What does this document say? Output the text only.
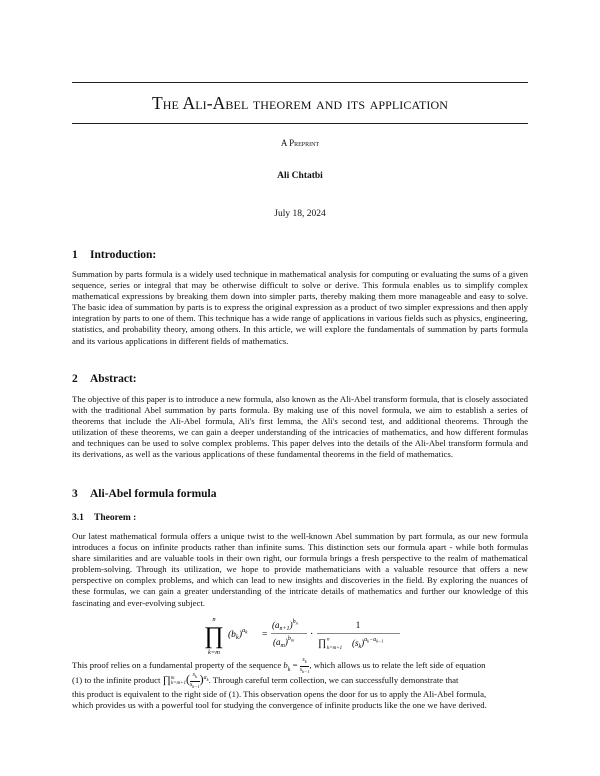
The Ali-Abel theorem and its application
A Preprint
Ali Chtatbi
July 18, 2024
1 Introduction:

Summation by parts formula is a widely used technique in mathematical analysis for computing or evaluating the sums of a given sequence, series or integral that may be otherwise difficult to solve or derive. This formula enables us to simplify complex mathematical expressions by breaking them down into simpler parts, thereby making them more manageable and easy to solve. The basic idea of summation by parts is to express the original expression as a product of two simpler expressions and then apply integration by parts to one of them. This technique has a wide range of applications in various fields such as physics, engineering, statistics, and probability theory, among others. In this article, we will explore the fundamentals of summation by parts formula and its various applications in different fields of mathematics.

2 Abstract:

The objective of this paper is to introduce a new formula, also known as the Ali-Abel transform formula, that is closely associated with the traditional Abel summation by parts formula. By making use of this novel formula, we aim to establish a series of theorems that include the Ali-Abel formula, Ali's first lemma, the Ali's second test, and additional theorems. Through the utilization of these theorems, we can gain a deeper understanding of the intricacies of mathematics, and how different formulas and techniques can be used to solve complex problems. This paper delves into the details of the Ali-Abel transform formula and its derivations, as well as the various applications of these fundamental theorems in the field of mathematics.

3 Ali-Abel formula formula
3.1 Theorem :

Our latest mathematical formula offers a unique twist to the well-known Abel summation by part formula, as our new formula introduces a focus on infinite products rather than infinite sums. This distinction sets our formula apart - while both formulas share similarities and are valuable tools in their own right, our formula brings a fresh perspective to the realm of mathematical problem-solving. Through its utilization, we hope to provide mathematicians with a valuable resource that offers a new perspective on complex problems, and which can lead to new insights and discoveries in the field. By exploring the nuances of these formulas, we can gain a greater understanding of the intricate details of mathematics and further our knowledge of this fascinating and ever-evolving subject.

n
∏
k=m
$(b_k)^ak$ =
$(a_{n+1})^bn$
$(a_m)^bm$ ·
1
∏ n
k=m+1
$(s_k)^ak-ak-1$
This proof relies on a fundamental property of the sequence $b_k = \frac{s_k}{s_{k-1}}$ , which allows us to relate the left side of equation
(1) to the infinite product ∏ m
k=m+1 ( $\frac{s_k}{s_{k-1}} )^{a_k}$. Through careful term collection, we can successfully demonstrate that
this product is equivalent to the right side of (1). This observation opens the door for us to apply the Ali-Abel formula,
which provides us with a powerful tool for studying the convergence of infinite products like the one we have derived.
